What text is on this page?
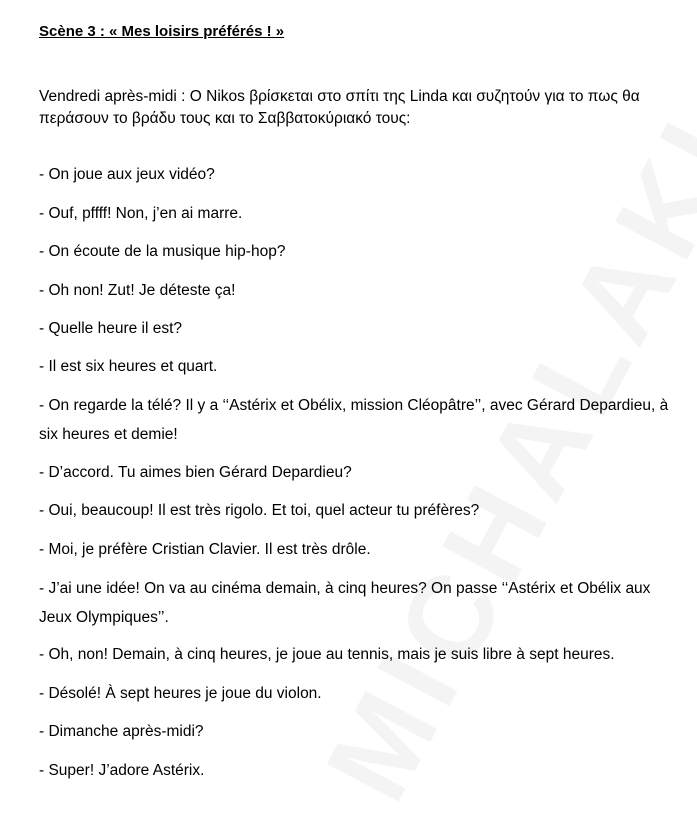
Scène 3 : « Mes loisirs préférés ! »
Vendredi après-midi : O Nikos βρίσκεται στο σπίτι της Linda και συζητούν για το πως θα περάσουν το βράδυ τους και το Σαββατοκύριακό τους:
- On joue aux jeux vidéo?
- Ouf, pffff! Non, j’en ai marre.
- On écoute de la musique hip-hop?
- Oh non! Zut! Je déteste ça!
- Quelle heure il est?
- Il est six heures et quart.
- On regarde la télé? Il y a ‘‘Astérix et Obélix, mission Cléopâtre’’, avec Gérard Depardieu, à six heures et demie!
- D’accord. Tu aimes bien Gérard Depardieu?
- Oui, beaucoup! Il est très rigolo. Et toi, quel acteur tu préfères?
- Moi, je préfère Cristian Clavier. Il est très drôle.
- J’ai une idée! On va au cinéma demain, à cinq heures? On passe ‘‘Astérix et Obélix aux Jeux Olympiques’’.
- Oh, non! Demain, à cinq heures, je joue au tennis, mais je suis libre à sept heures.
- Désolé! À sept heures je joue du violon.
- Dimanche après-midi?
- Super! J’adore Astérix.
